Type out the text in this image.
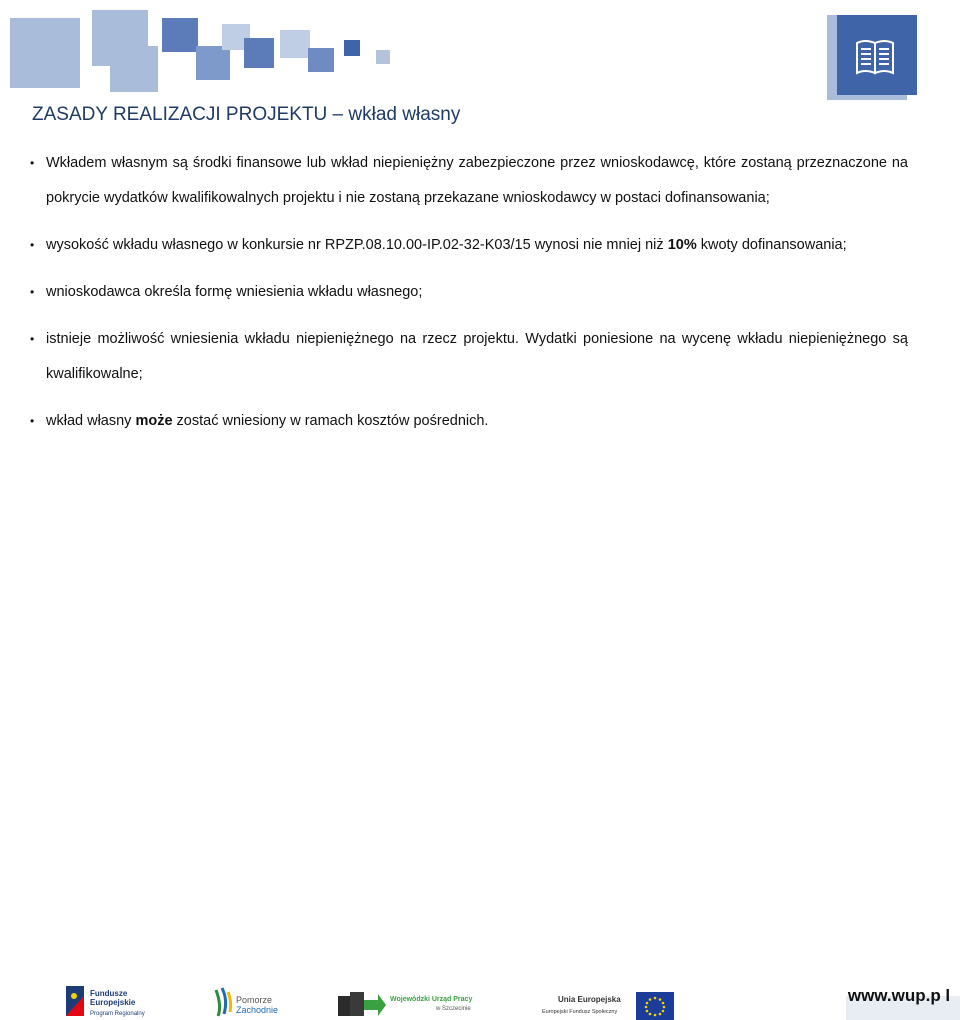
ZASADY REALIZACJI PROJEKTU – wkład własny
• Wkładem własnym są środki finansowe lub wkład niepieniężny zabezpieczone przez wnioskodawcę, które zostaną przeznaczone na pokrycie wydatków kwalifikowalnych projektu i nie zostaną przekazane wnioskodawcy w postaci dofinansowania;
• wysokość wkładu własnego w konkursie nr RPZP.08.10.00-IP.02-32-K03/15 wynosi nie mniej niż 10% kwoty dofinansowania;
• wnioskodawca określa formę wniesienia wkładu własnego;
• istnieje możliwość wniesienia wkładu niepieniężnego na rzecz projektu. Wydatki poniesione na wycenę wkładu niepieniężnego są kwalifikowalne;
• wkład własny może zostać wniesiony w ramach kosztów pośrednich.
Fundusze
Europejskie
Program Regionalny
Pomorze
Zachodnie
Wojewódzki Urząd Pracy
w Szczecinie
Unia Europejska
Europejski Fundusz Społeczny
www.wup.p l
